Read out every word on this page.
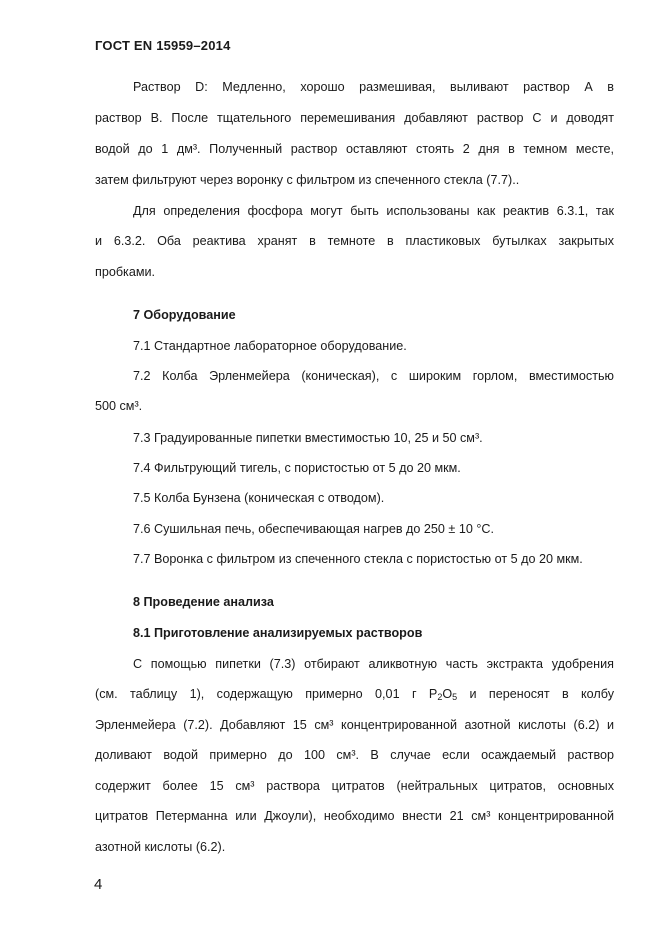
ГОСТ EN 15959–2014
Раствор D: Медленно, хорошо размешивая, выливают раствор А в
раствор В. После тщательного перемешивания добавляют раствор С и доводят
водой до 1 дм³. Полученный раствор оставляют стоять 2 дня в темном месте,
затем фильтруют через воронку с фильтром из спеченного стекла (7.7)..
Для определения фосфора могут быть использованы как реактив 6.3.1, так
и 6.3.2. Оба реактива хранят в темноте в пластиковых бутылках закрытых
пробками.
7 Оборудование
7.1 Стандартное лабораторное оборудование.
7.2 Колба Эрленмейера (коническая), с широким горлом, вместимостью
500 см³.
7.3 Градуированные пипетки вместимостью 10, 25 и 50 см³.
7.4 Фильтрующий тигель, с пористостью от 5 до 20 мкм.
7.5 Колба Бунзена (коническая с отводом).
7.6 Сушильная печь, обеспечивающая нагрев до 250 ± 10 °С.
7.7 Воронка с фильтром из спеченного стекла с пористостью от 5 до 20 мкм.
8 Проведение анализа
8.1 Приготовление анализируемых растворов
С помощью пипетки (7.3) отбирают аликвотную часть экстракта удобрения
(см. таблицу 1), содержащую примерно 0,01 г $Р_2O_5$ и переносят в колбу
Эрленмейера (7.2). Добавляют 15 см³ концентрированной азотной кислоты (6.2) и
доливают водой примерно до 100 см³. В случае если осаждаемый раствор
содержит более 15 см³ раствора цитратов (нейтральных цитратов, основных
цитратов Петерманна или Джоули), необходимо внести 21 см³ концентрированной
азотной кислоты (6.2).
4
